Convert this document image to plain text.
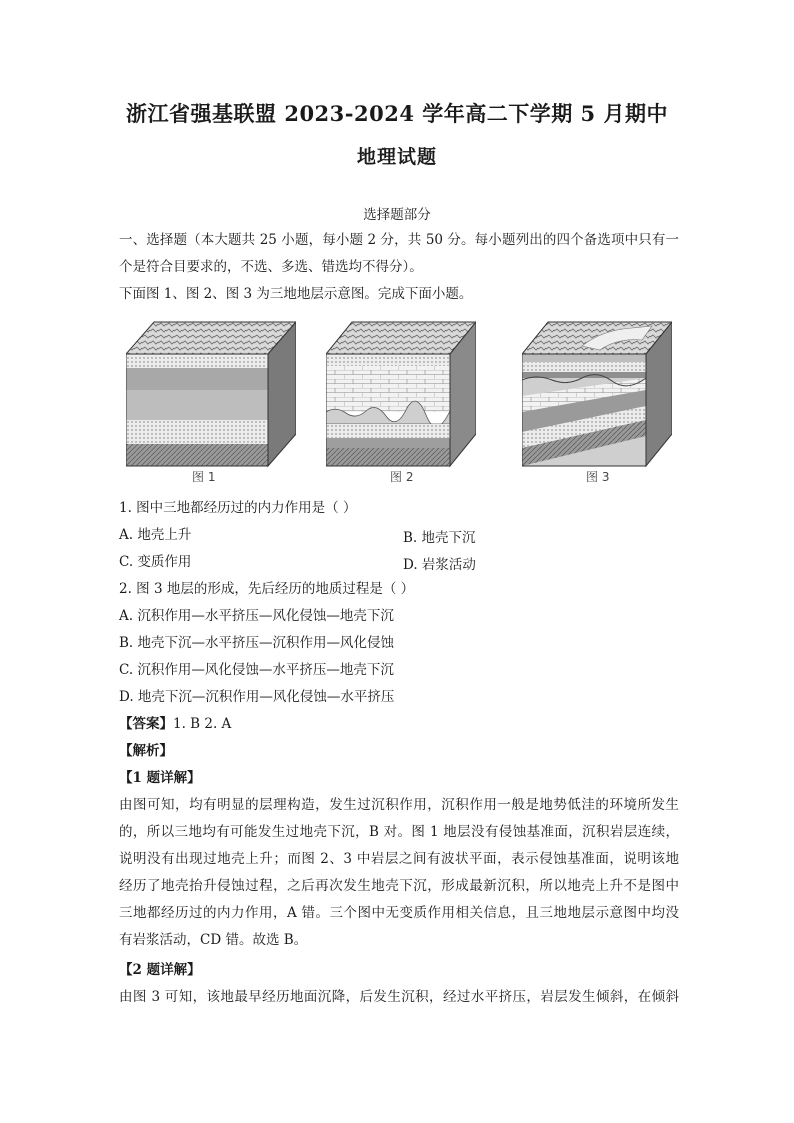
浙江省强基联盟 2023-2024 学年高二下学期 5 月期中
地理试题
选择题部分
一、选择题（本大题共 25 小题，每小题 2 分，共 50 分。每小题列出的四个备选项中只有一
个是符合目要求的，不选、多选、错选均不得分）。
下面图 1、图 2、图 3 为三地地层示意图。完成下面小题。
图 1	图 2	图 3
1. 图中三地都经历过的内力作用是（ ）
A. 地壳上升	B. 地壳下沉
C. 变质作用	D. 岩浆活动
2. 图 3 地层的形成，先后经历的地质过程是（ ）
A. 沉积作用—水平挤压—风化侵蚀—地壳下沉
B. 地壳下沉—水平挤压—沉积作用—风化侵蚀
C. 沉积作用—风化侵蚀—水平挤压—地壳下沉
D. 地壳下沉—沉积作用—风化侵蚀—水平挤压
【答案】1. B 2. A
【解析】
【1 题详解】
由图可知，均有明显的层理构造，发生过沉积作用，沉积作用一般是地势低洼的环境所发生
的，所以三地均有可能发生过地壳下沉，B 对。图 1 地层没有侵蚀基准面，沉积岩层连续，
说明没有出现过地壳上升；而图 2、3 中岩层之间有波状平面，表示侵蚀基准面，说明该地
经历了地壳抬升侵蚀过程，之后再次发生地壳下沉，形成最新沉积，所以地壳上升不是图中
三地都经历过的内力作用，A 错。三个图中无变质作用相关信息，且三地地层示意图中均没
有岩浆活动，CD 错。故选 B。
【2 题详解】
由图 3 可知，该地最早经历地面沉降，后发生沉积，经过水平挤压，岩层发生倾斜，在倾斜
